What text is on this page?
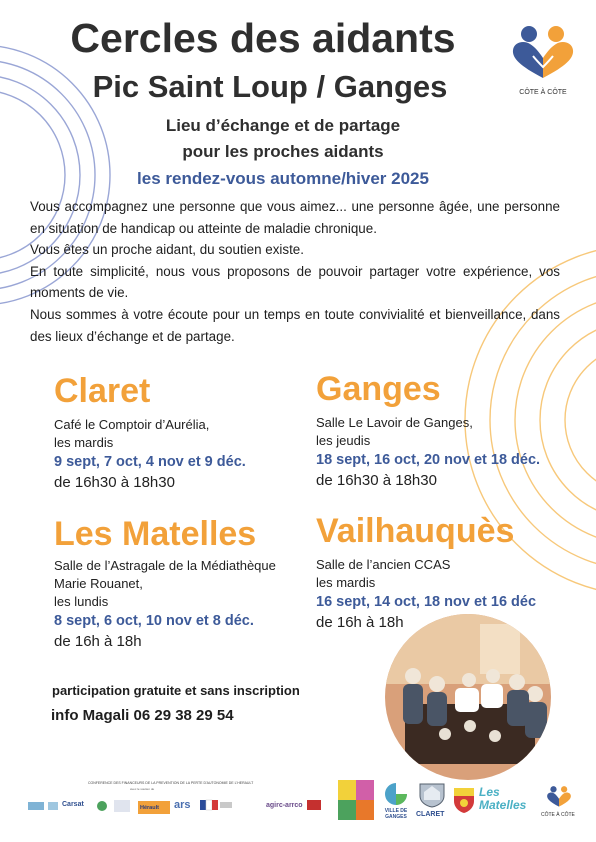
Cercles des aidants
Pic Saint Loup / Ganges
Lieu d’échange et de partage
pour les proches aidants
les rendez-vous automne/hiver 2025
CÔTE À CÔTE

Vous accompagnez une personne que vous aimez... une personne âgée, une personne en situation de handicap ou atteinte de maladie chronique.

Vous êtes un proche aidant, du soutien existe.

En toute simplicité, nous vous proposons de pouvoir partager votre expérience, vos moments de vie.

Nous sommes à votre écoute pour un temps en toute convivialité et bienveillance, dans des lieux d’échange et de partage.

Claret
Café le Comptoir d’Aurélia,
les mardis
9 sept, 7 oct, 4 nov et 9 déc.
de 16h30 à 18h30
Ganges
Salle Le Lavoir de Ganges,
les jeudis
18 sept, 16 oct, 20 nov et 18 déc.
de 16h30 à 18h30
Les Matelles
Salle de l’Astragale de la Médiathèque
Marie Rouanet,
les lundis
8 sept, 6 oct, 10 nov et 8 déc.
de 16h à 18h
Vailhauquès
Salle de l’ancien CCAS
les mardis
16 sept, 14 oct, 18 nov et 16 déc
de 16h à 18h
participation gratuite et sans inscription
info Magali 06 29 38 29 54
CONFERENCE DES FINANCEURS DE LA PREVENTION DE LA PERTE D'AUTONOMIE DE L'HERAULT
avec le soutien de
Carsat	Hérault ars	agirc-arrco
VILLE DE GANGES	CLARET
Les Matelles
CÔTE À CÔTE
